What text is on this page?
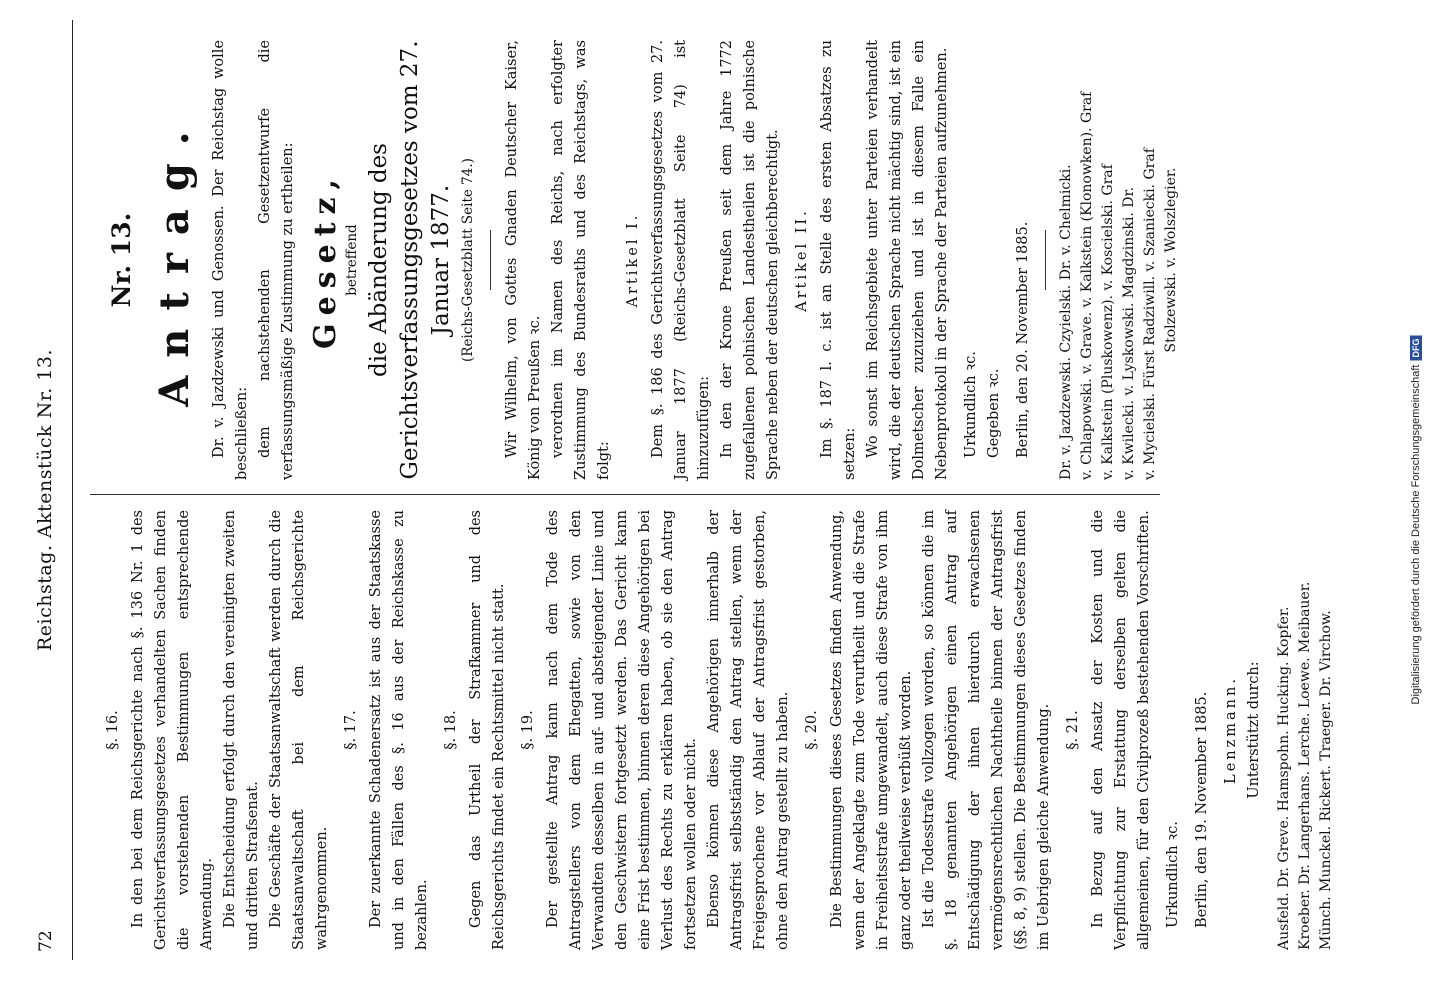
72
Reichstag. Aktenstück Nr. 13.
§. 16. In den bei dem Reichsgerichte nach §. 136 Nr. 1 des Gerichtsverfassungsgesetzes verhandelten Sachen finden die vorstehenden Bestimmungen entsprechende Anwendung. Die Entscheidung erfolgt durch den vereinigten zweiten und dritten Strafsenat. Die Geschäfte der Staatsanwaltschaft werden durch die Staatsanwaltschaft bei dem Reichsgerichte wahrgenommen.

§. 17. Der zuerkannte Schadenersatz ist aus der Staatskasse und in den Fällen des §. 16 aus der Reichskasse zu bezahlen.

§. 18. Gegen das Urtheil der Strafkammer und des Reichsgerichts findet ein Rechtsmittel nicht statt. §. 19. Der gestellte Antrag kann nach dem Tode des Antragstellers von dem Ehegatten, sowie von den Verwandten desselben in auf- und absteigender Linie und den Geschwistern fortgesetzt werden. Das Gericht kann eine Frist bestimmen, binnen deren diese Angehörigen bei Verlust des Rechts zu erklären haben, ob sie den Antrag fortsetzen wollen oder nicht. Ebenso können diese Angehörigen innerhalb der Antragsfrist selbstständig den Antrag stellen, wenn der Freigesprochene vor Ablauf der Antragsfrist gestorben, ohne den Antrag gestellt zu haben. §. 20. Die Bestimmungen dieses Gesetzes finden Anwendung, wenn der Angeklagte zum Tode verurtheilt und die Strafe in Freiheitsstrafe umgewandelt, auch diese Strafe von ihm ganz oder theilweise verbüßt worden. Ist die Todesstrafe vollzogen worden, so können die im §. 18 genannten Angehörigen einen Antrag auf Entschädigung der ihnen hierdurch erwachsenen vermögensrechtlichen Nachtheile binnen der Antragsfrist (§§. 8, 9) stellen. Die Bestimmungen dieses Gesetzes finden im Uebrigen gleiche Anwendung. §. 21. In Bezug auf den Ansatz der Kosten und die Verpflichtung zur Erstattung derselben gelten die allgemeinen, für den Civilprozeß bestehenden Vorschriften. Urkundlich ꝛc. Berlin, den 19. November 1885. Lenzmann. Unterstützt durch: Ausfeld. Dr. Greve. Hamspohn. Hucking. Kopfer. Kroeber. Dr. Langerhans. Lerche. Loewe. Meibauer. Münch. Munckel. Rickert. Traeger. Dr. Virchow.

Nr. 13. Antrag. Dr. v. Jazdzewski und Genossen. Der Reichstag wolle beschließen: dem nachstehenden Gesetzentwurfe die verfassungsmäßige Zustimmung zu ertheilen: Gesetz, betreffend die Abänderung des Gerichtsverfassungsgesetzes vom 27. Januar 1877. (Reichs-Gesetzblatt Seite 74.) Wir Wilhelm, von Gottes Gnaden Deutscher Kaiser, König von Preußen ꝛc. verordnen im Namen des Reichs, nach erfolgter Zustimmung des Bundesraths und des Reichstags, was folgt:

Artikel I. Dem §. 186 des Gerichtsverfassungsgesetzes vom 27. Januar 1877 (Reichs-Gesetzblatt Seite 74) ist hinzuzufügen: In den der Krone Preußen seit dem Jahre 1772 zugefallenen polnischen Landestheilen ist die polnische Sprache neben der deutschen gleichberechtigt. Artikel II. Im §. 187 l. c. ist an Stelle des ersten Absatzes zu setzen: Wo sonst im Reichsgebiete unter Parteien verhandelt wird, die der deutschen Sprache nicht mächtig sind, ist ein Dolmetscher zuzuziehen und ist in diesem Falle ein Nebenprotokoll in der Sprache der Parteien aufzunehmen. Urkundlich ꝛc. Gegeben ꝛc. Berlin, den 20. November 1885. Dr. v. Jazdzewski. Czyielski. Dr. v. Chelmicki. v. Chlapowski. v. Grave. v. Kalkstein (Klonowken). Graf v. Kalkstein (Pluskowenz). v. Koscielski. Graf v. Kwilecki. v. Lyskowski. Magdzinski. Dr. v. Mycielski. Fürst Radziwill. v. Szaniecki. Graf Stolzewski. v. Wolszlegier.

Digitalisierung gefördert durch die Deutsche ForschungsgemeinschaftDFG
